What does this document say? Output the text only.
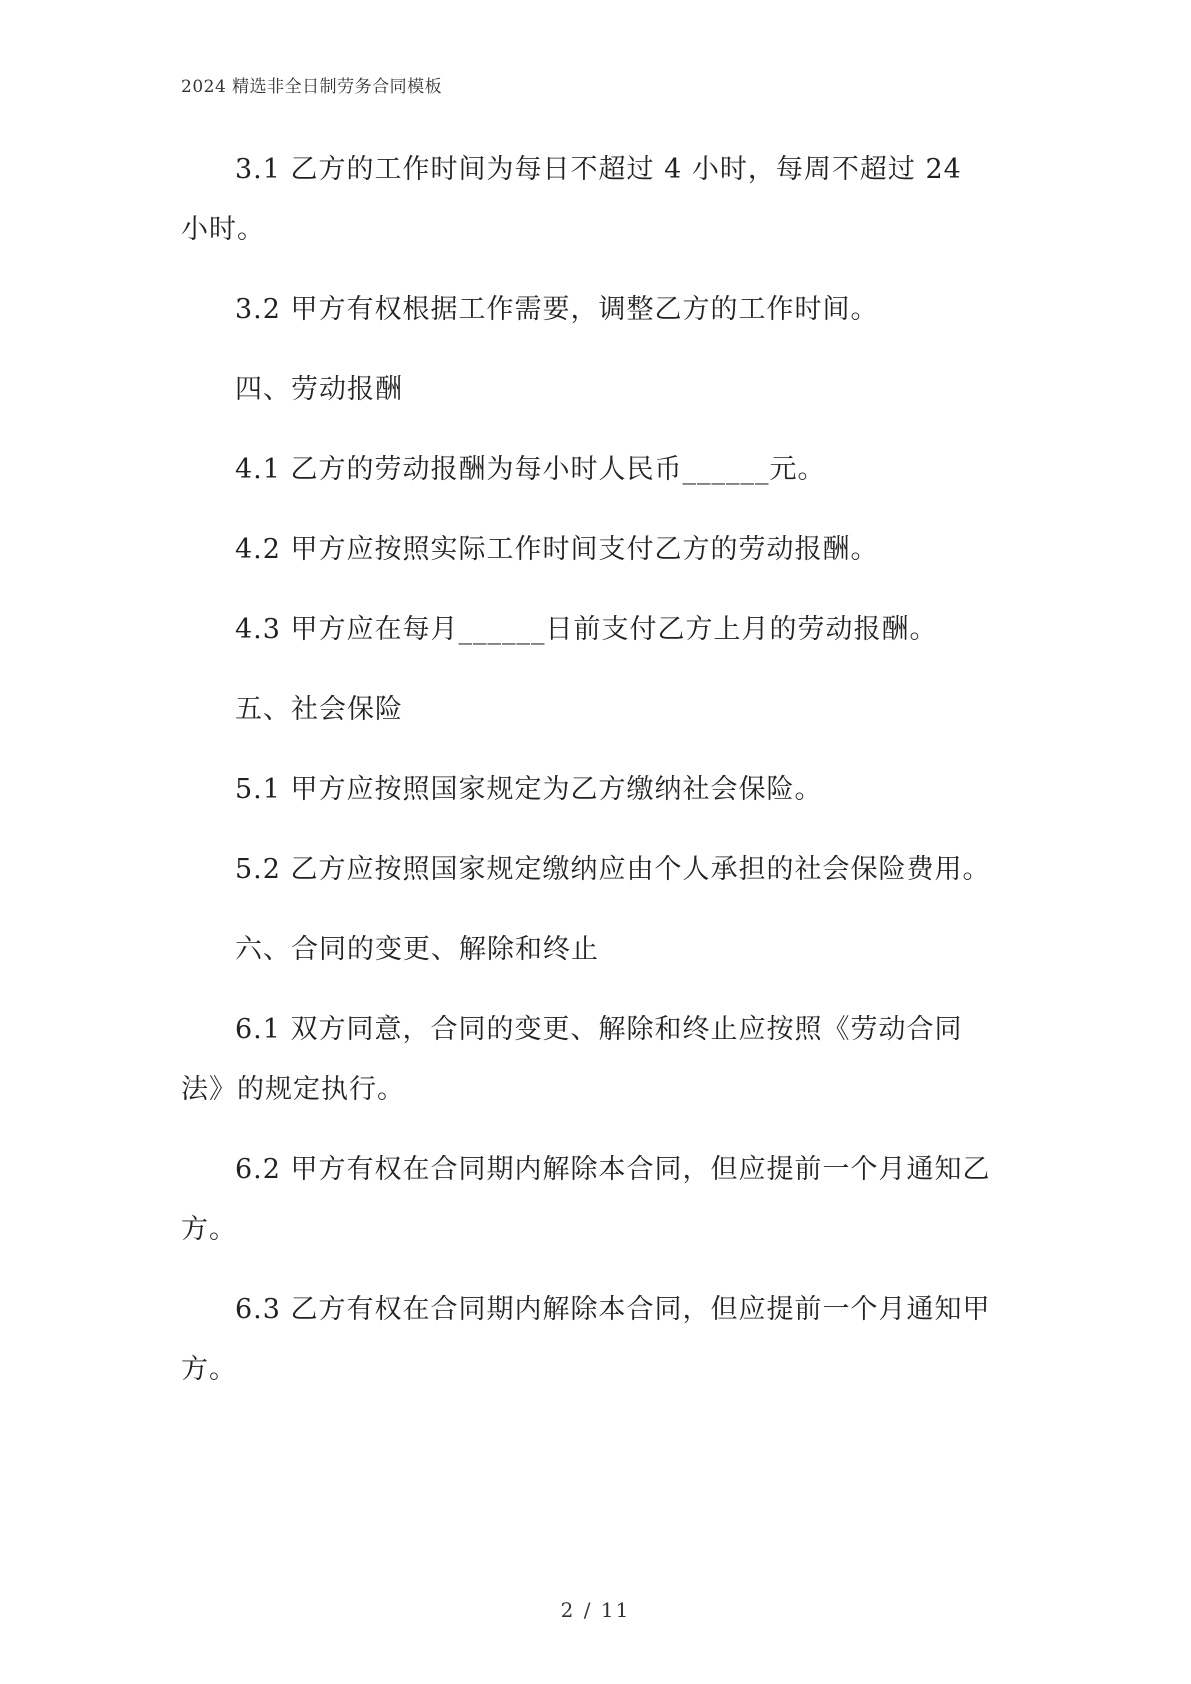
2024 精选非全日制劳务合同模板

3.1 乙方的工作时间为每日不超过 4 小时，每周不超过 24 小时。

3.2 甲方有权根据工作需要，调整乙方的工作时间。

四、劳动报酬

4.1 乙方的劳动报酬为每小时人民币______元。

4.2 甲方应按照实际工作时间支付乙方的劳动报酬。

4.3 甲方应在每月______日前支付乙方上月的劳动报酬。

五、社会保险

5.1 甲方应按照国家规定为乙方缴纳社会保险。

5.2 乙方应按照国家规定缴纳应由个人承担的社会保险费用。

六、合同的变更、解除和终止

6.1 双方同意，合同的变更、解除和终止应按照《劳动合同法》的规定执行。

6.2 甲方有权在合同期内解除本合同，但应提前一个月通知乙方。

6.3 乙方有权在合同期内解除本合同，但应提前一个月通知甲方。

2 / 11
